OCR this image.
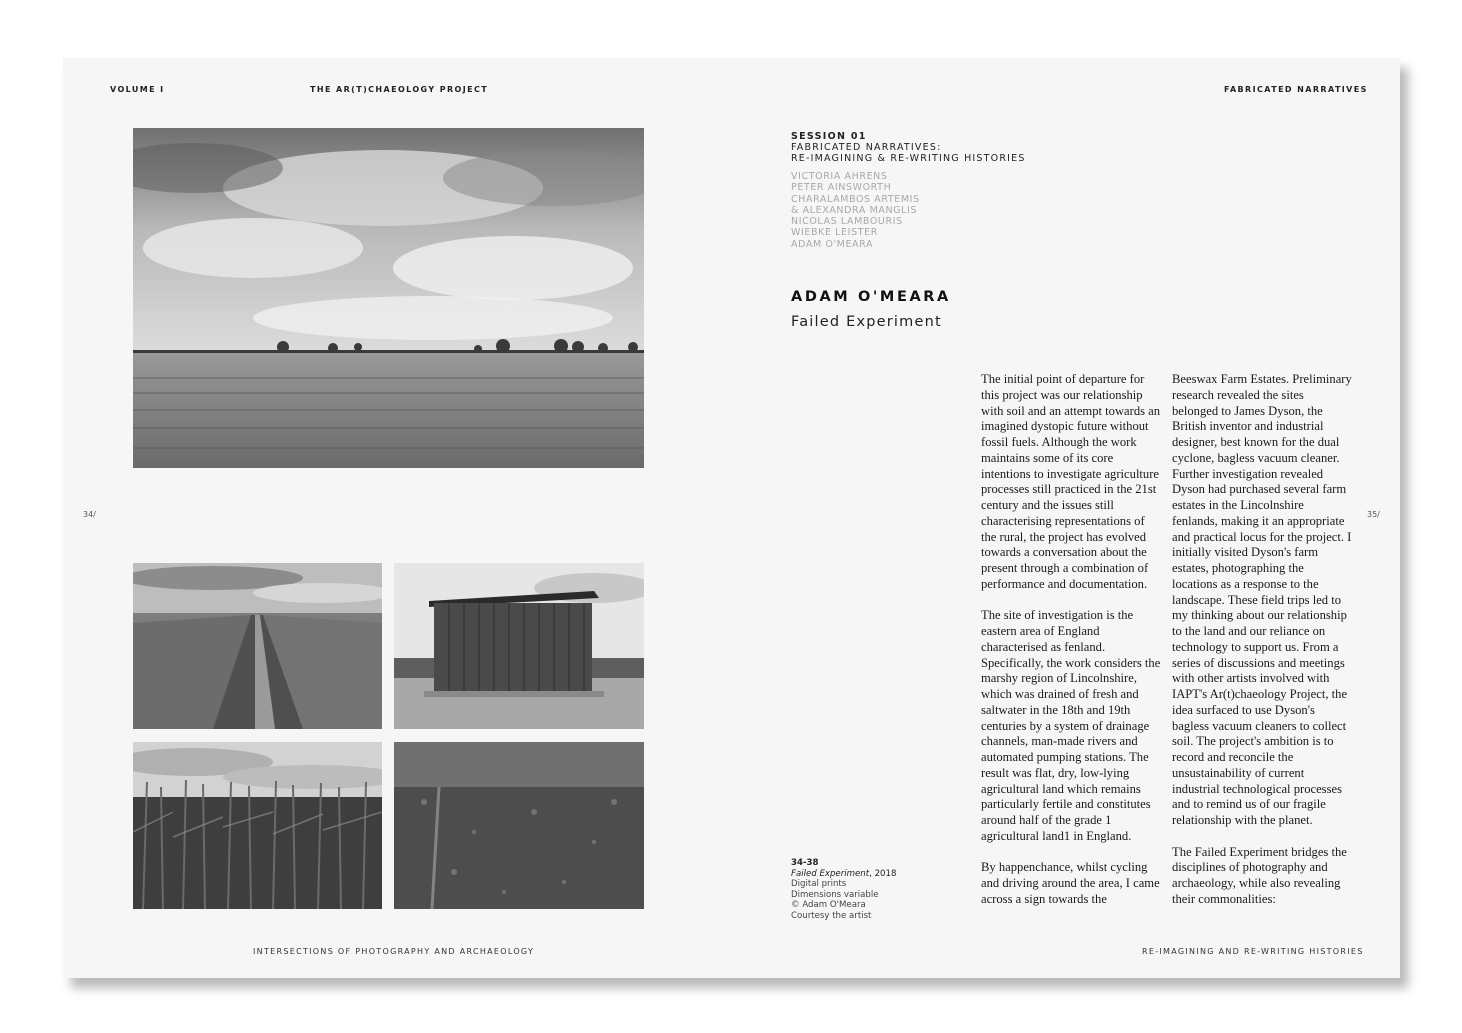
VOLUME I	THE AR(T)CHAEOLOGY PROJECT	FABRICATED NARRATIVES
34/	35/
SESSION 01
FABRICATED NARRATIVES:
RE-IMAGINING & RE-WRITING HISTORIES
VICTORIA AHRENS
PETER AINSWORTH
CHARALAMBOS ARTEMIS
& ALEXANDRA MANGLIS
NICOLAS LAMBOURIS
WIEBKE LEISTER
ADAM O'MEARA
ADAM O'MEARA
Failed Experiment

The initial point of departure for this project was our relationship with soil and an attempt towards an imagined dystopic future without fossil fuels. Although the work maintains some of its core intentions to investigate agriculture processes still practiced in the 21st century and the issues still characterising representations of the rural, the project has evolved towards a conversation about the present through a combination of performance and documentation.

The site of investigation is the eastern area of England characterised as fenland. Specifically, the work considers the marshy region of Lincolnshire, which was drained of fresh and saltwater in the 18th and 19th centuries by a system of drainage channels, man-made rivers and automated pumping stations. The result was flat, dry, low-lying agricultural land which remains particularly fertile and constitutes around half of the grade 1 agricultural land1 in England.

By happenchance, whilst cycling and driving around the area, I came across a sign towards the

Beeswax Farm Estates. Preliminary research revealed the sites belonged to James Dyson, the British inventor and industrial designer, best known for the dual cyclone, bagless vacuum cleaner. Further investigation revealed Dyson had purchased several farm estates in the Lincolnshire fenlands, making it an appropriate and practical locus for the project. I initially visited Dyson's farm estates, photographing the locations as a response to the landscape. These field trips led to my thinking about our relationship to the land and our reliance on technology to support us. From a series of discussions and meetings with other artists involved with IAPT's Ar(t)chaeology Project, the idea surfaced to use Dyson's bagless vacuum cleaners to collect soil. The project's ambition is to record and reconcile the unsustainability of current industrial technological processes and to remind us of our fragile relationship with the planet.

The Failed Experiment bridges the disciplines of photography and archaeology, while also revealing their commonalities:

34-38
Failed Experiment, 2018
Digital prints
Dimensions variable
© Adam O'Meara
Courtesy the artist
INTERSECTIONS OF PHOTOGRAPHY AND ARCHAEOLOGY	RE-IMAGINING AND RE-WRITING HISTORIES
